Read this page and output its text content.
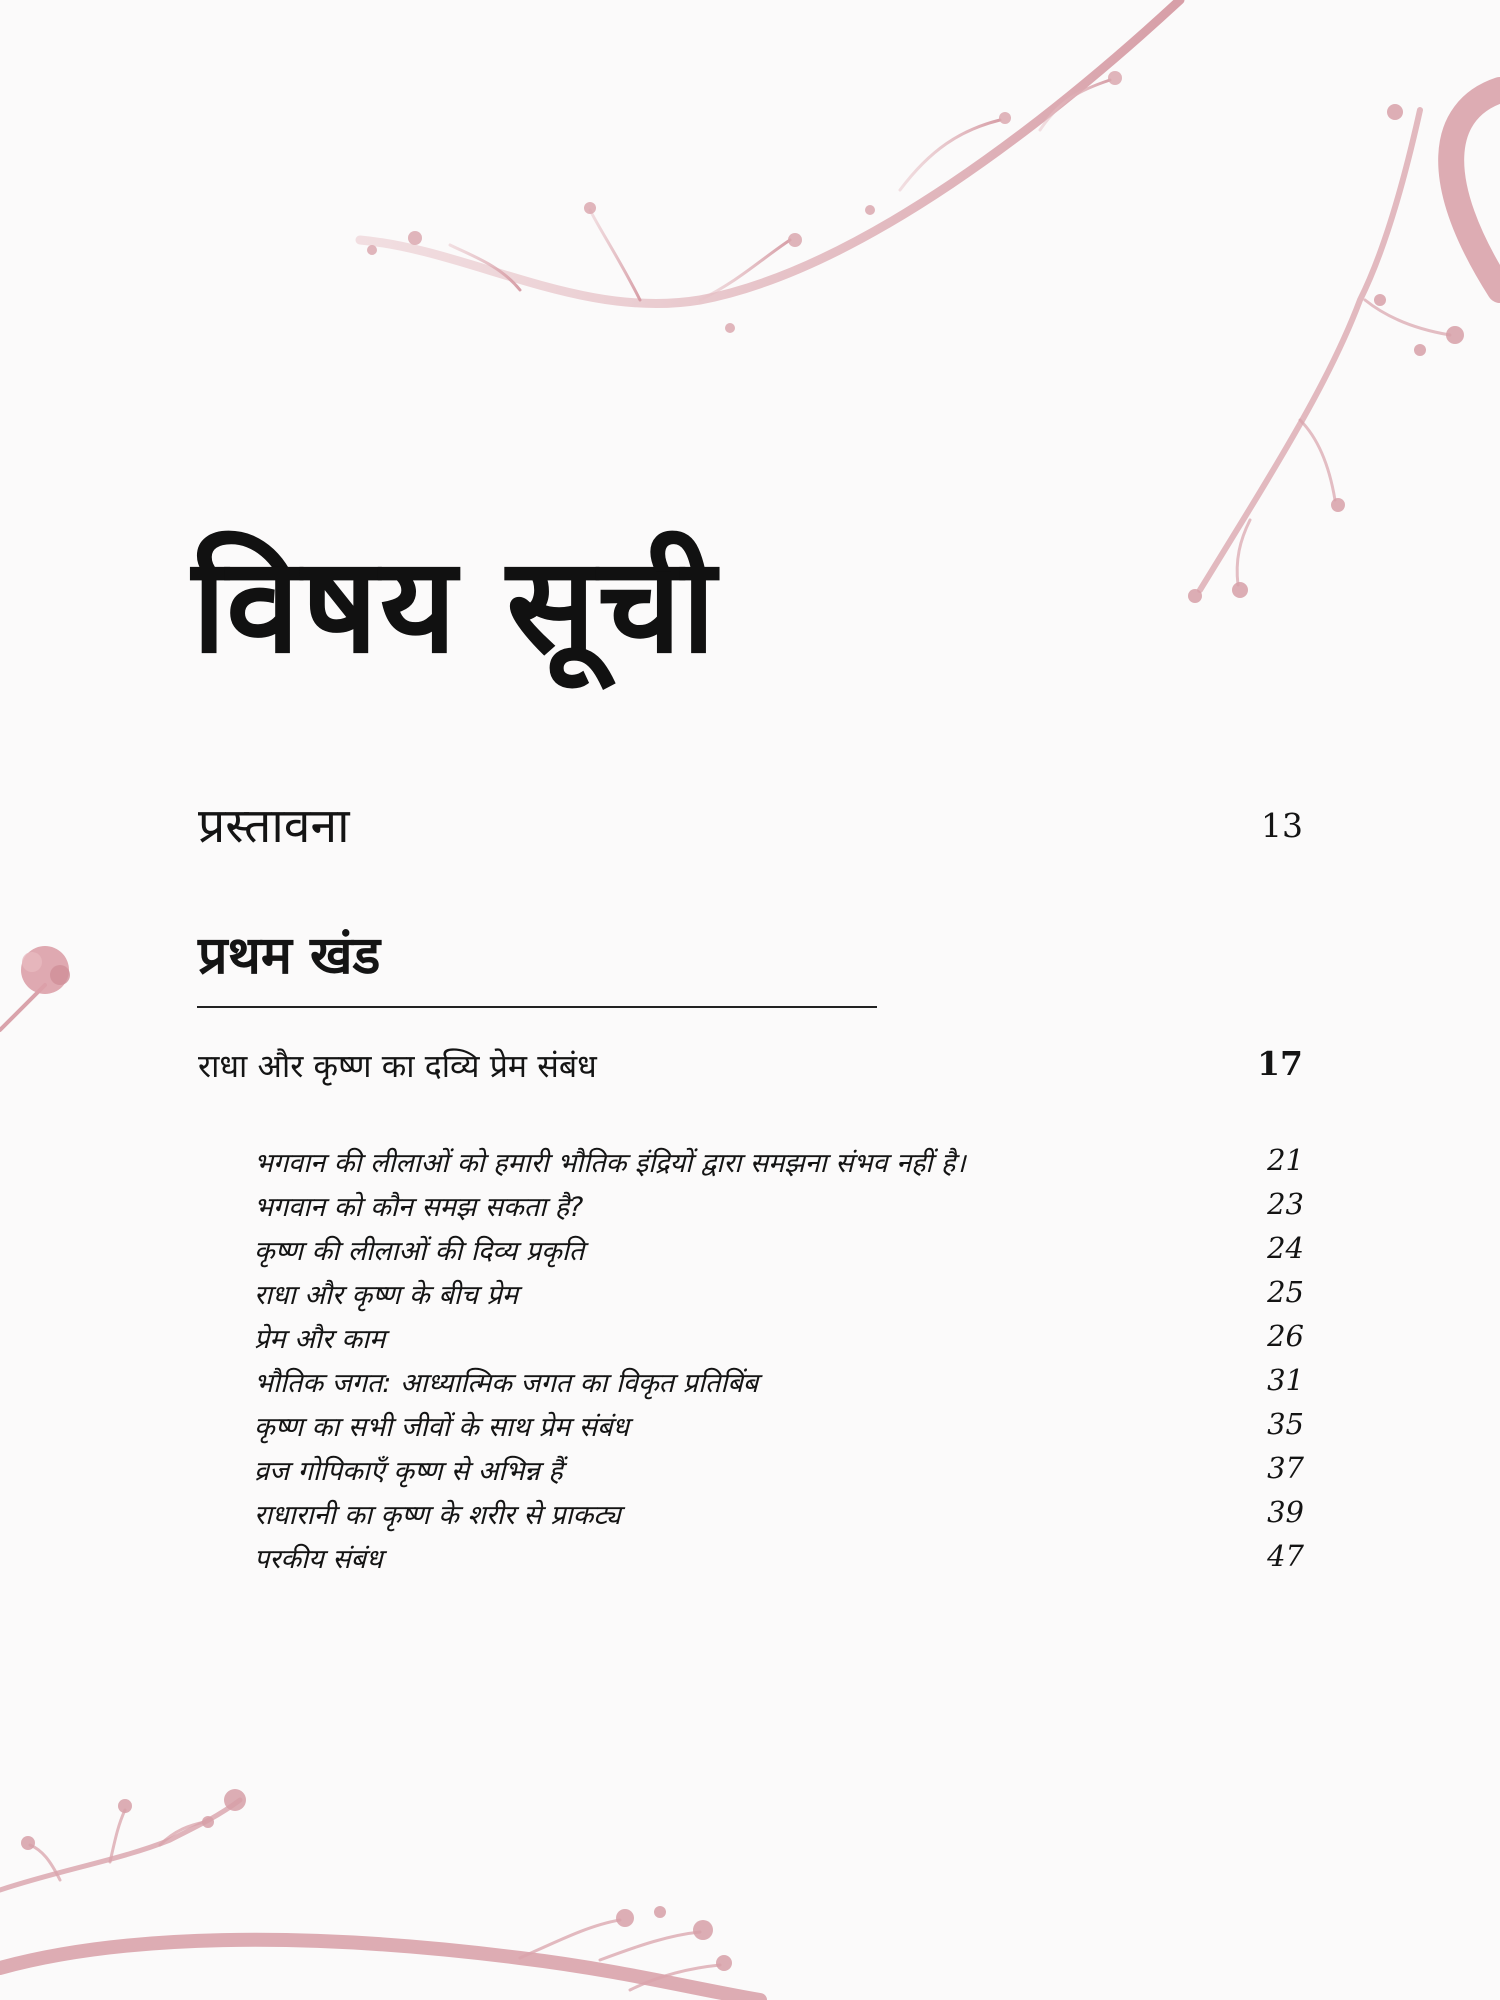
विषय सूची
प्रस्तावना	13
प्रथम खंड
राधा और कृष्ण का दव्यि प्रेम संबंध	17
भगवान की लीलाओं को हमारी भौतिक इंद्रियों द्वारा समझना संभव नहीं है।	21
भगवान को कौन समझ सकता है?	23
कृष्ण की लीलाओं की दिव्य प्रकृति	24
राधा और कृष्ण के बीच प्रेम	25
प्रेम और काम	26
भौतिक जगत: आध्यात्मिक जगत का विकृत प्रतिबिंब	31
कृष्ण का सभी जीवों के साथ प्रेम संबंध	35
व्रज गोपिकाएँ कृष्ण से अभिन्न हैं	37
राधारानी का कृष्ण के शरीर से प्राकट्य	39
परकीय संबंध	47
